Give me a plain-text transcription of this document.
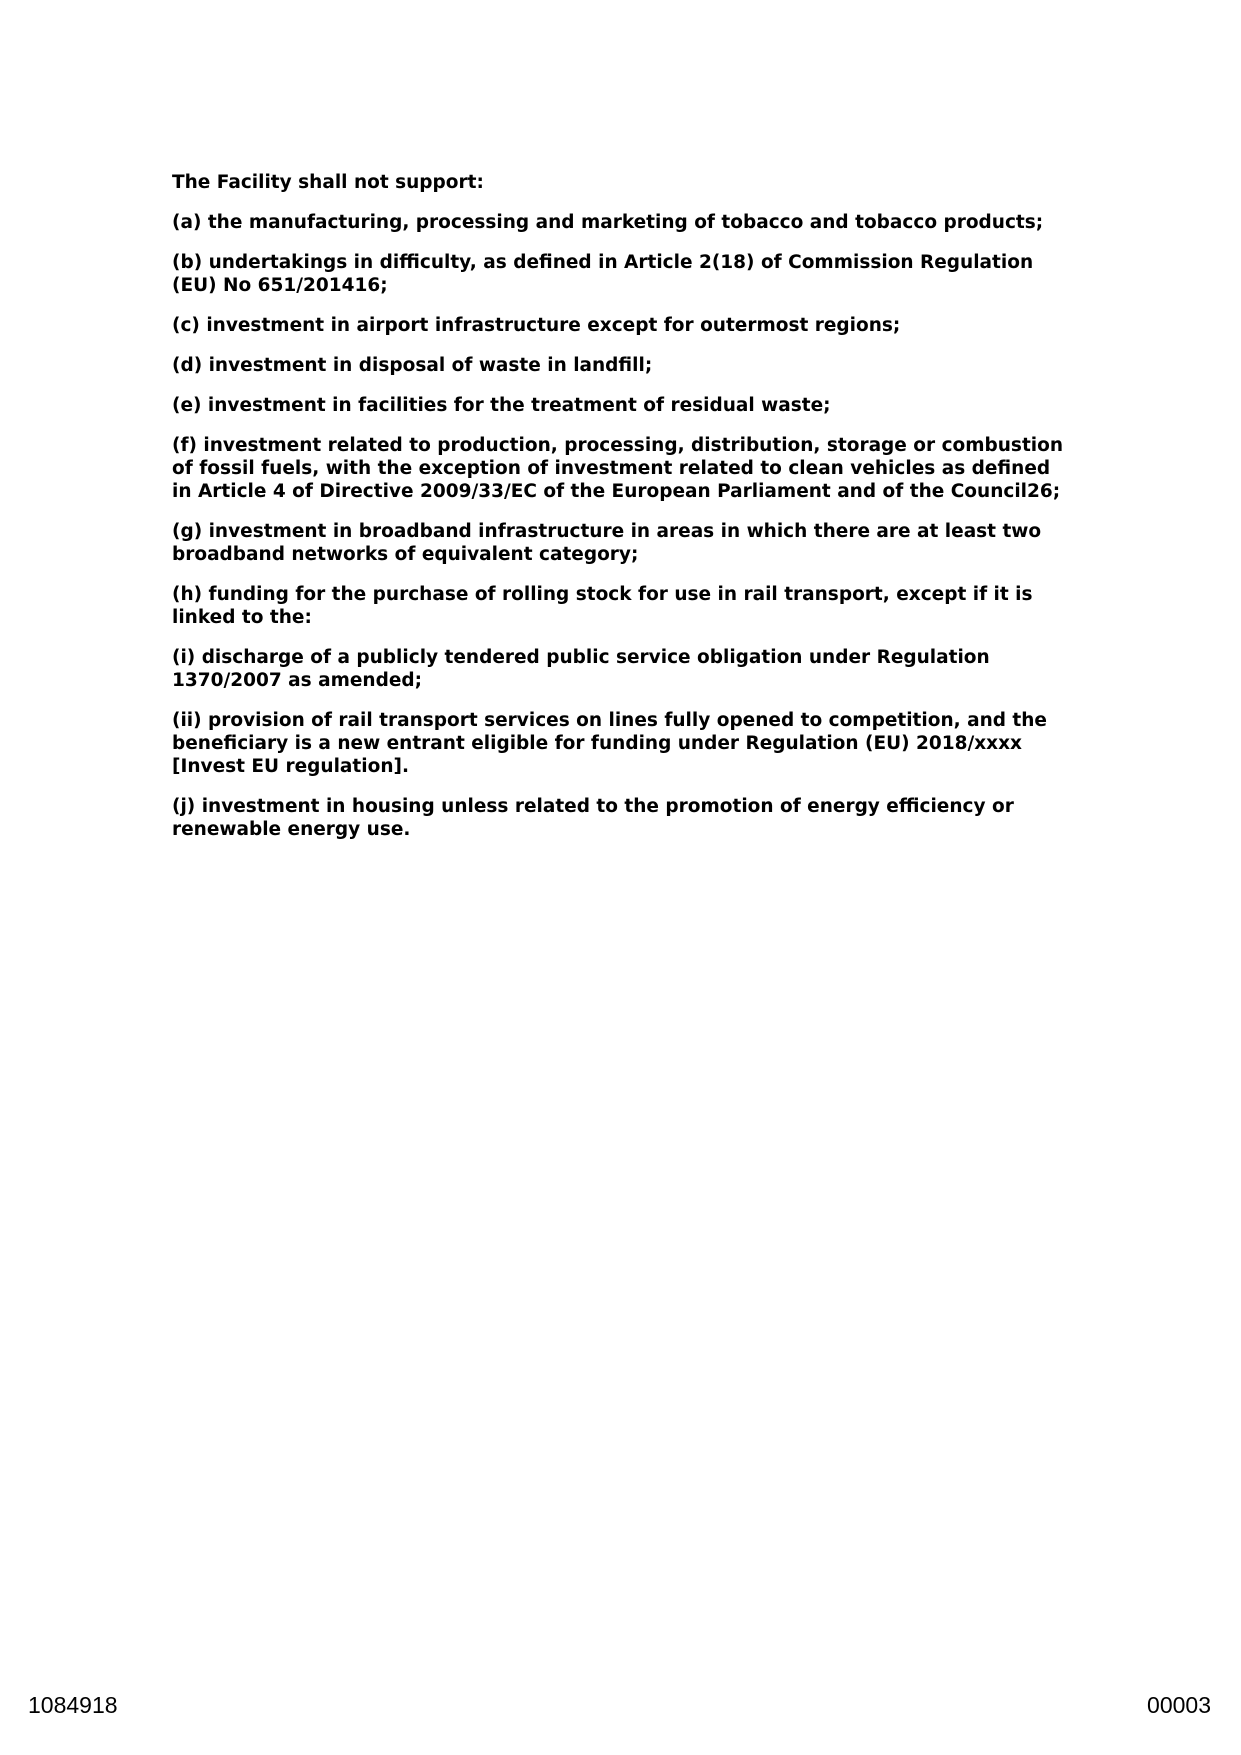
The Facility shall not support:

(a) the manufacturing, processing and marketing of tobacco and tobacco products;

(b) undertakings in difficulty, as defined in Article 2(18) of Commission Regulation (EU) No 651/201416;

(c) investment in airport infrastructure except for outermost regions;

(d) investment in disposal of waste in landfill;

(e) investment in facilities for the treatment of residual waste;

(f) investment related to production, processing, distribution, storage or combustion of fossil fuels, with the exception of investment related to clean vehicles as defined in Article 4 of Directive 2009/33/EC of the European Parliament and of the Council26;

(g) investment in broadband infrastructure in areas in which there are at least two broadband networks of equivalent category;

(h) funding for the purchase of rolling stock for use in rail transport, except if it is linked to the:

(i) discharge of a publicly tendered public service obligation under Regulation 1370/2007 as amended;

(ii) provision of rail transport services on lines fully opened to competition, and the beneficiary is a new entrant eligible for funding under Regulation (EU) 2018/xxxx [Invest EU regulation].

(j) investment in housing unless related to the promotion of energy efficiency or renewable energy use.

1084918	00003
